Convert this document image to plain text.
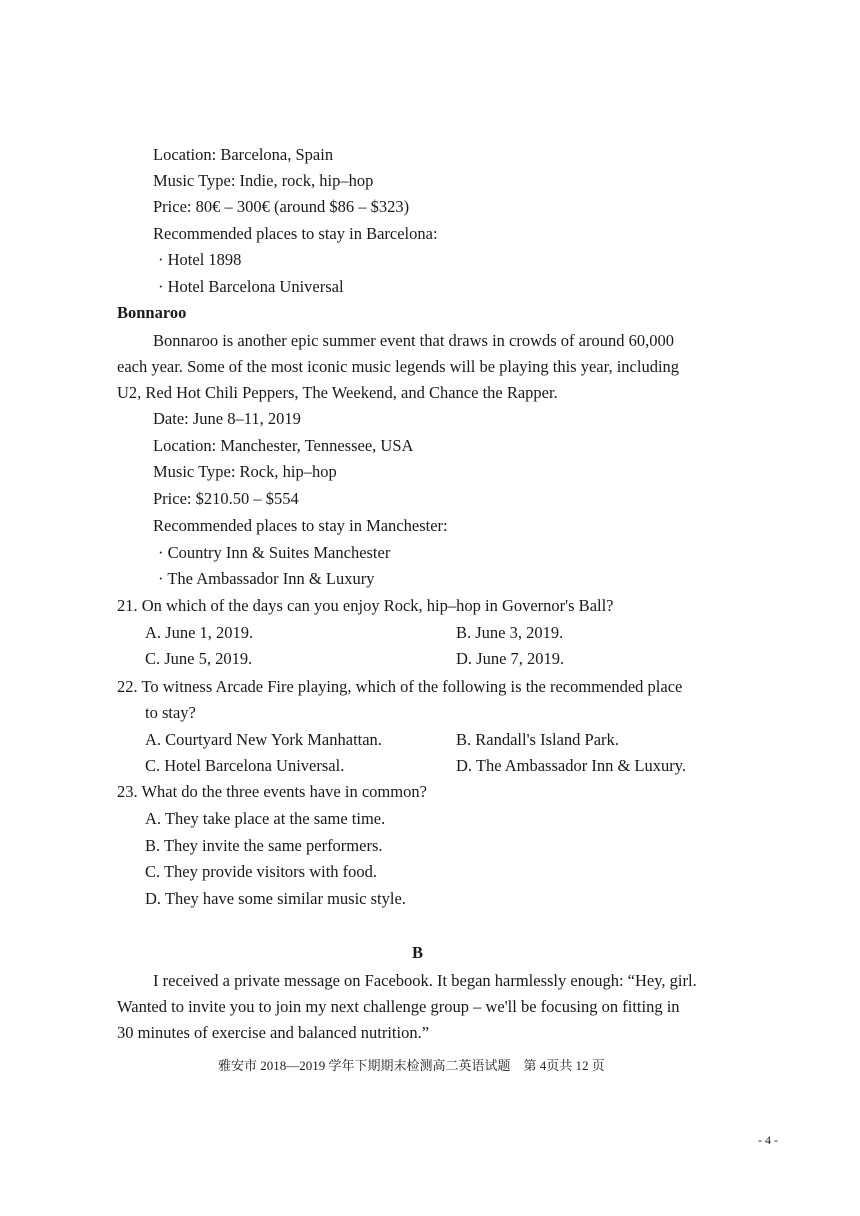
Location: Barcelona, Spain
Music Type: Indie, rock, hip–hop
Price: 80€ – 300€ (around $86 – $323)
Recommended places to stay in Barcelona:
· Hotel 1898
· Hotel Barcelona Universal
Bonnaroo
Bonnaroo is another epic summer event that draws in crowds of around 60,000
each year. Some of the most iconic music legends will be playing this year, including
U2, Red Hot Chili Peppers, The Weekend, and Chance the Rapper.
Date: June 8–11, 2019
Location: Manchester, Tennessee, USA
Music Type: Rock, hip–hop
Price: $210.50 – $554
Recommended places to stay in Manchester:
· Country Inn & Suites Manchester
· The Ambassador Inn & Luxury
21. On which of the days can you enjoy Rock, hip–hop in Governor's Ball?
A. June 1, 2019.	B. June 3, 2019.
C. June 5, 2019.	D. June 7, 2019.
22. To witness Arcade Fire playing, which of the following is the recommended place
to stay?
A. Courtyard New York Manhattan.	B. Randall's Island Park.
C. Hotel Barcelona Universal.	D. The Ambassador Inn & Luxury.
23. What do the three events have in common?
A. They take place at the same time.
B. They invite the same performers.
C. They provide visitors with food.
D. They have some similar music style.
B
I received a private message on Facebook. It began harmlessly enough: “Hey, girl.
Wanted to invite you to join my next challenge group – we'll be focusing on fitting in
30 minutes of exercise and balanced nutrition.”
雅安市 2018—2019 学年下期期末检测高二英语试题　第 4页共 12 页
- 4 -
